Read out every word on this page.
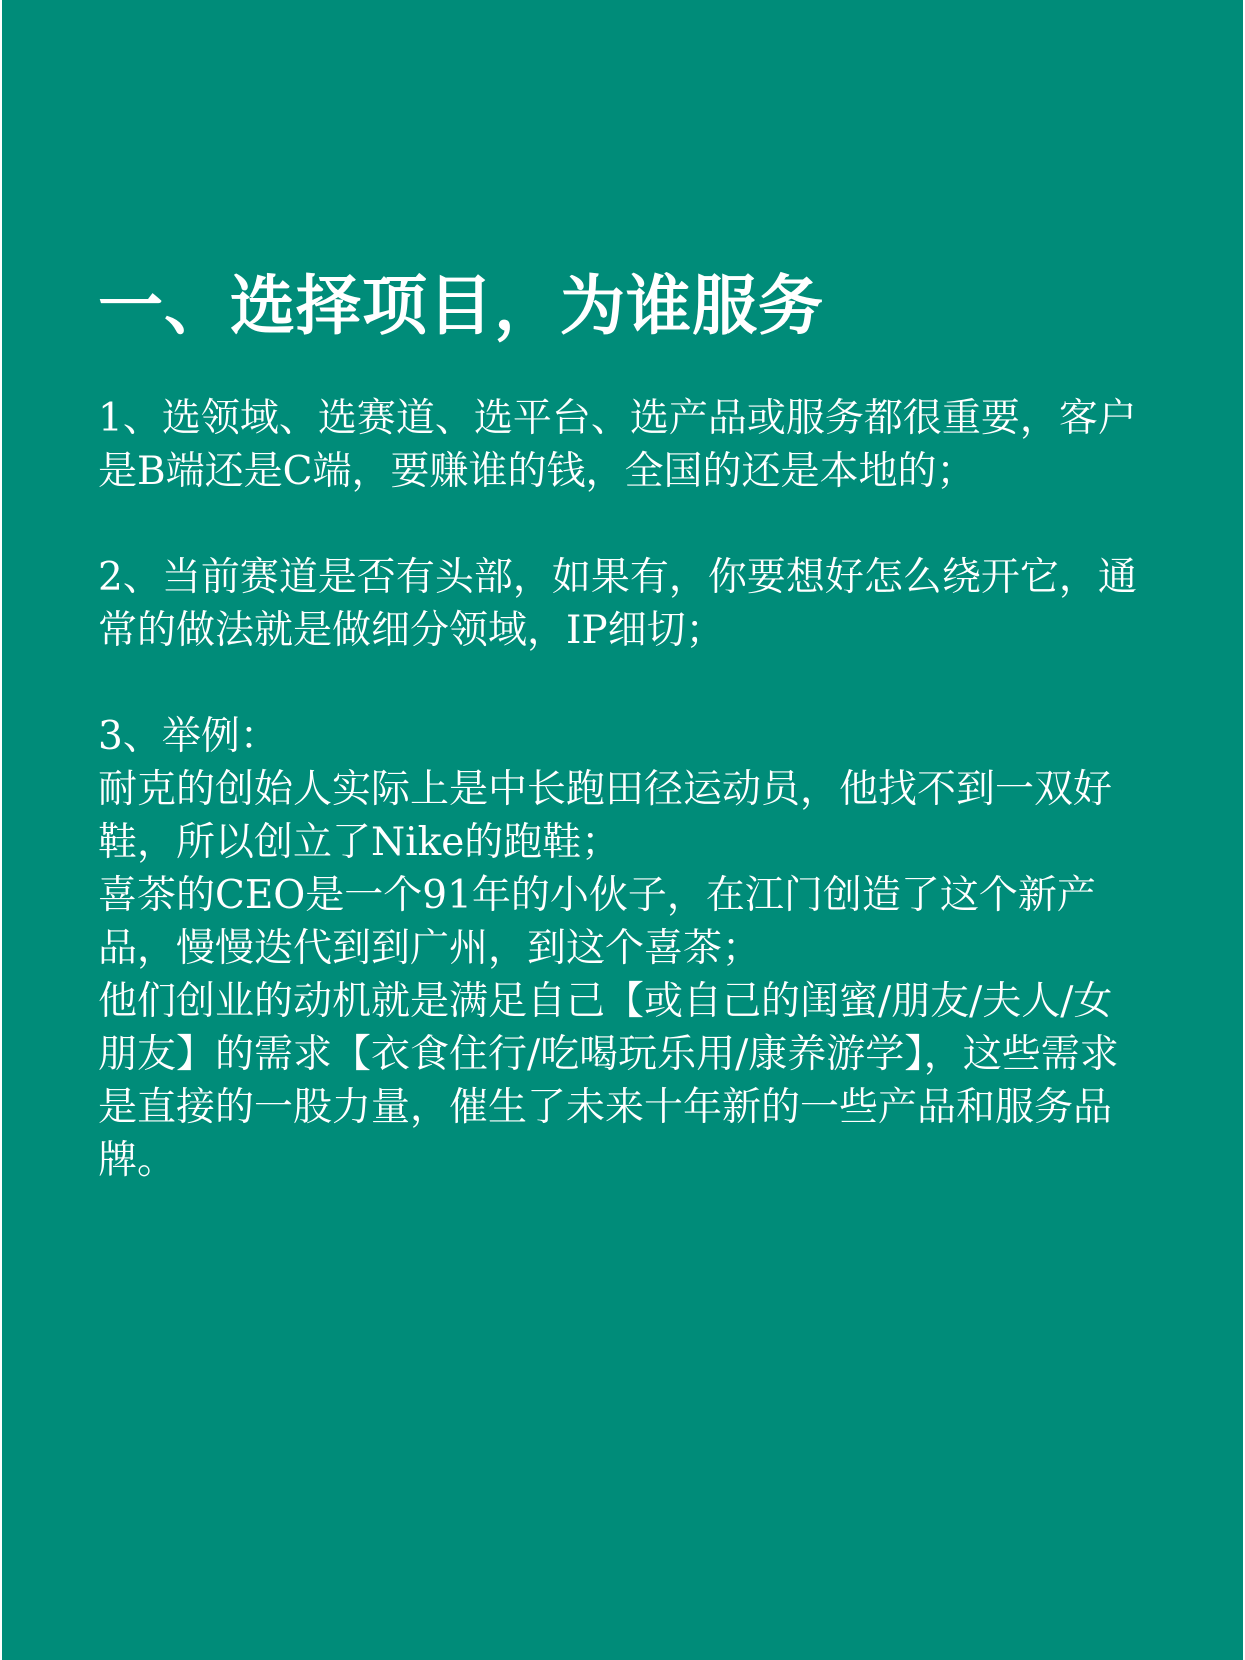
一、选择项目，为谁服务

1、选领域、选赛道、选平台、选产品或服务都很重要，客户
是B端还是C端，要赚谁的钱，全国的还是本地的；

2、当前赛道是否有头部，如果有，你要想好怎么绕开它，通
常的做法就是做细分领域，IP细切；

3、举例：
耐克的创始人实际上是中长跑田径运动员，他找不到一双好
鞋，所以创立了Nike的跑鞋；
喜茶的CEO是一个91年的小伙子，在江门创造了这个新产
品，慢慢迭代到到广州，到这个喜茶；
他们创业的动机就是满足自己【或自己的闺蜜/朋友/夫人/女
朋友】的需求【衣食住行/吃喝玩乐用/康养游学】，这些需求
是直接的一股力量，催生了未来十年新的一些产品和服务品
牌。
